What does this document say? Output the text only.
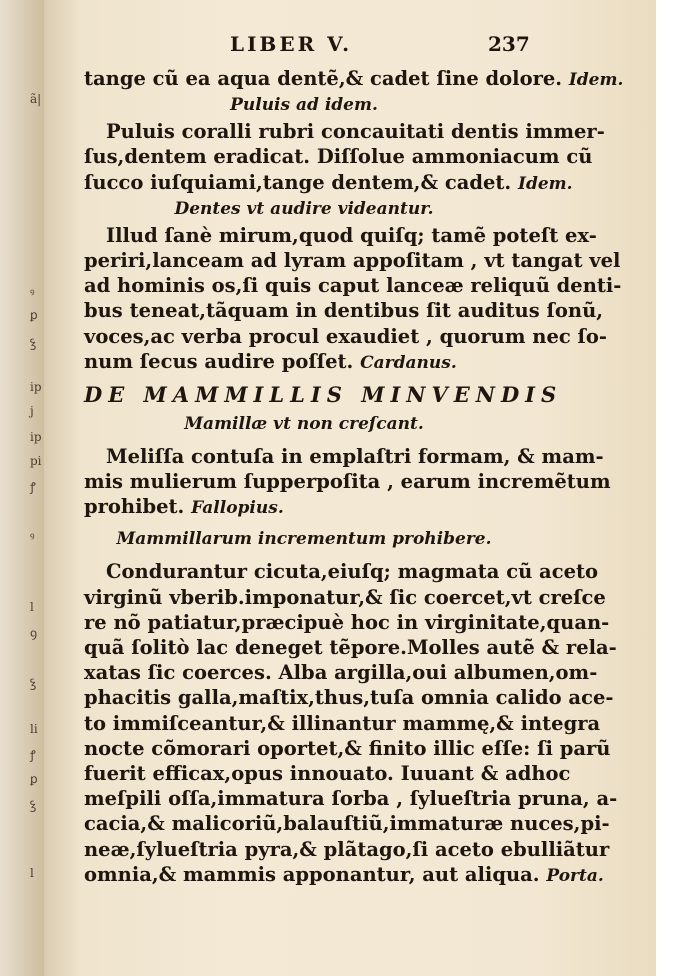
ã|
ꝰ
ꝑ
ꝣ
ip
j
ip
pi
ꝭ
ꝰ
l
ꝯ
ꝣ
li
ꝭ
ꝑ
ꝣ
l
LIBER V.	237
tange cũ ea aqua dentẽ,& cadet ſine dolore. Idem.
Puluis ad idem.
Puluis coralli rubri concauitati dentis immer-
ſus,dentem eradicat. Diſſolue ammoniacum cũ
ſucco iuſquiami,tange dentem,& cadet. Idem.
Dentes vt audire videantur.
Illud ſanè mirum,quod quiſq; tamẽ poteſt ex-
periri,lanceam ad lyram appoſitam , vt tangat vel
ad hominis os,ſi quis caput lanceæ reliquũ denti-
bus teneat,tãquam in dentibus ſit auditus ſonũ,
voces,ac verba procul exaudiet , quorum nec ſo-
num ſecus audire poſſet. Cardanus.
DE MAMMILLIS MINVENDIS
Mamillæ vt non creſcant.
Meliſſa contuſa in emplaſtri formam, & mam-
mis mulierum ſupperpoſita , earum incremẽtum
prohibet. Fallopius.
Mammillarum incrementum prohibere.
Condurantur cicuta,eiuſq; magmata cũ aceto
virginũ vberib.imponatur,& ſic coercet,vt creſce
re nõ patiatur,præcipuè hoc in virginitate,quan-
quã ſolitò lac deneget tẽpore.Molles autẽ & rela-
xatas ſic coerces. Alba argilla,oui albumen,om-
phacitis galla,maſtix,thus,tuſa omnia calido ace-
to immiſceantur,& illinantur mammę,& integra
nocte cõmorari oportet,& finito illic eſſe: ſi parũ
fuerit efficax,opus innouato. Iuuant & adhoc
meſpili oſſa,immatura ſorba , ſylueſtria pruna, a-
cacia,& malicoriũ,balauſtiũ,immaturæ nuces,pi-
neæ,ſylueſtria pyra,& plãtago,ſi aceto ebulliãtur
omnia,& mammis apponantur, aut aliqua. Porta.
